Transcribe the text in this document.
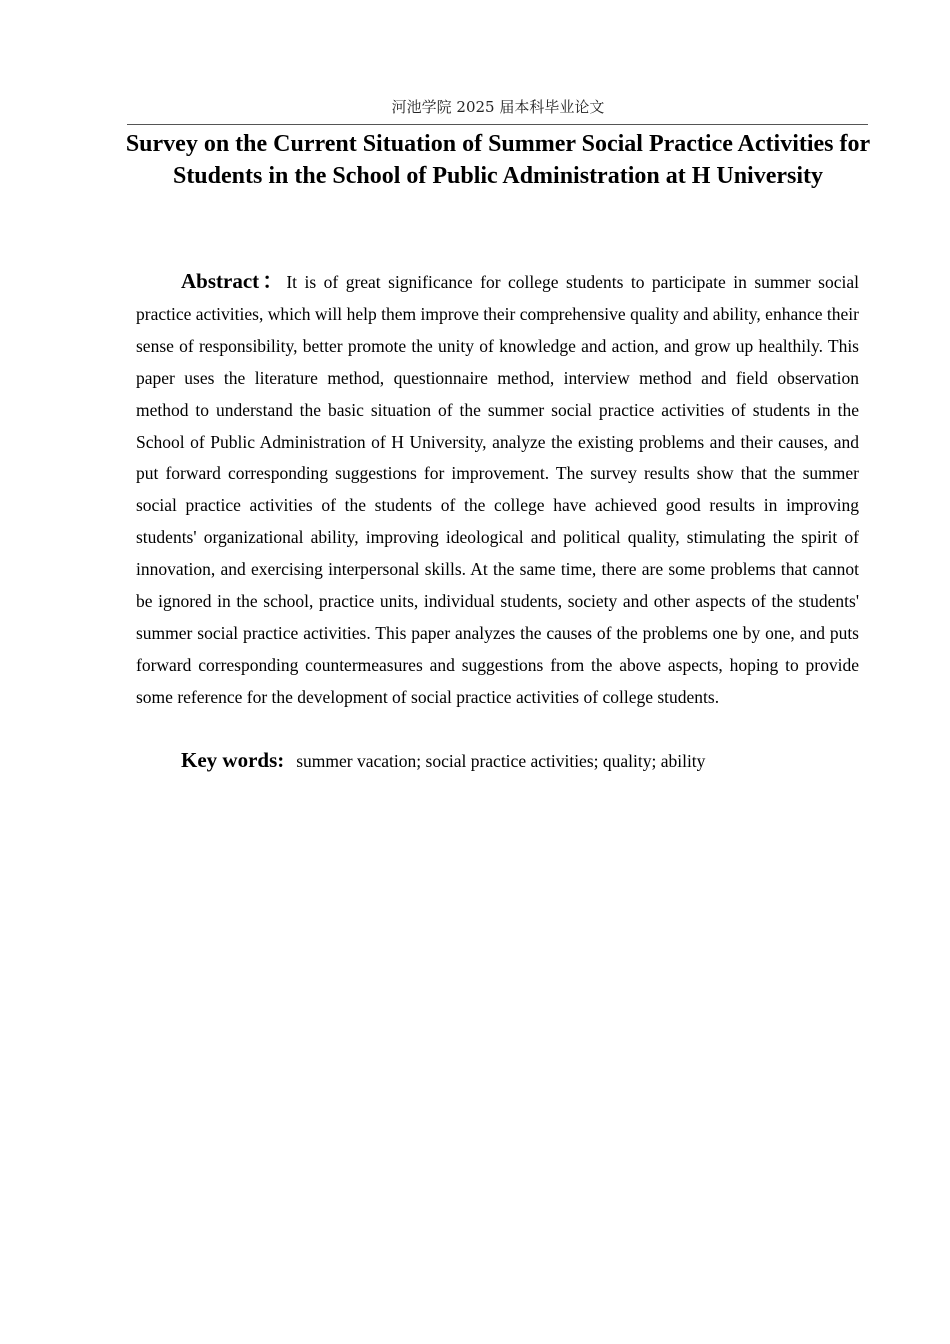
河池学院 2025 届本科毕业论文
Survey on the Current Situation of Summer Social Practice Activities for Students in the School of Public Administration at H University

Abstract：It is of great significance for college students to participate in summer social practice activities, which will help them improve their comprehensive quality and ability, enhance their sense of responsibility, better promote the unity of knowledge and action, and grow up healthily. This paper uses the literature method, questionnaire method, interview method and field observation method to understand the basic situation of the summer social practice activities of students in the School of Public Administration of H University, analyze the existing problems and their causes, and put forward corresponding suggestions for improvement. The survey results show that the summer social practice activities of the students of the college have achieved good results in improving students' organizational ability, improving ideological and political quality, stimulating the spirit of innovation, and exercising interpersonal skills. At the same time, there are some problems that cannot be ignored in the school, practice units, individual students, society and other aspects of the students' summer social practice activities. This paper analyzes the causes of the problems one by one, and puts forward corresponding countermeasures and suggestions from the above aspects, hoping to provide some reference for the development of social practice activities of college students.

Key words: summer vacation; social practice activities; quality; ability
